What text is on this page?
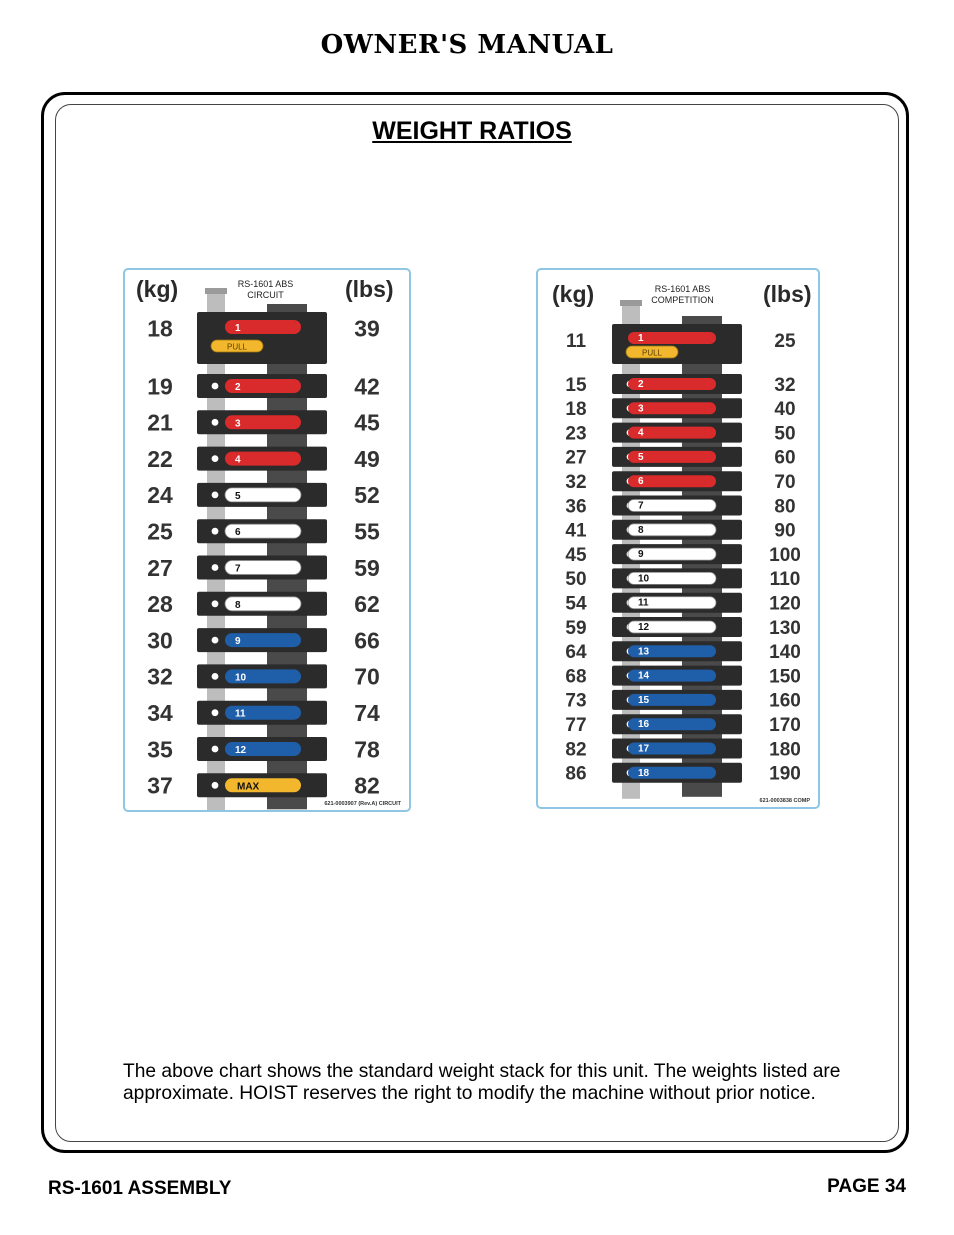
OWNER'S MANUAL
WEIGHT RATIOS
(kg)	(lbs)
RS-1601 ABS
CIRCUIT
1
18	39
PULL
2
19	42
3
21	45
4
22	49
5
24	52
6
25	55
7
27	59
8
28	62
9
30	66
10
32	70
11
34	74
12
35	78
MAX
37	82
621-0003907 (Rev.A) CIRCUIT
(kg)	(lbs)
RS-1601 ABS
COMPETITION
1
11	25
PULL
2
15	32
3
18	40
4
23	50
5
27	60
6
32	70
7
36	80
8
41	90
9
45	100
10
50	110
11
54	120
12
59	130
13
64	140
14
68	150
15
73	160
16
77	170
17
82	180
18
86	190
621-0003838 COMP
The above chart shows the standard weight stack for this unit. The weights listed are approximate. HOIST reserves the right to modify the machine without prior notice.
RS-1601 ASSEMBLY	PAGE 34
